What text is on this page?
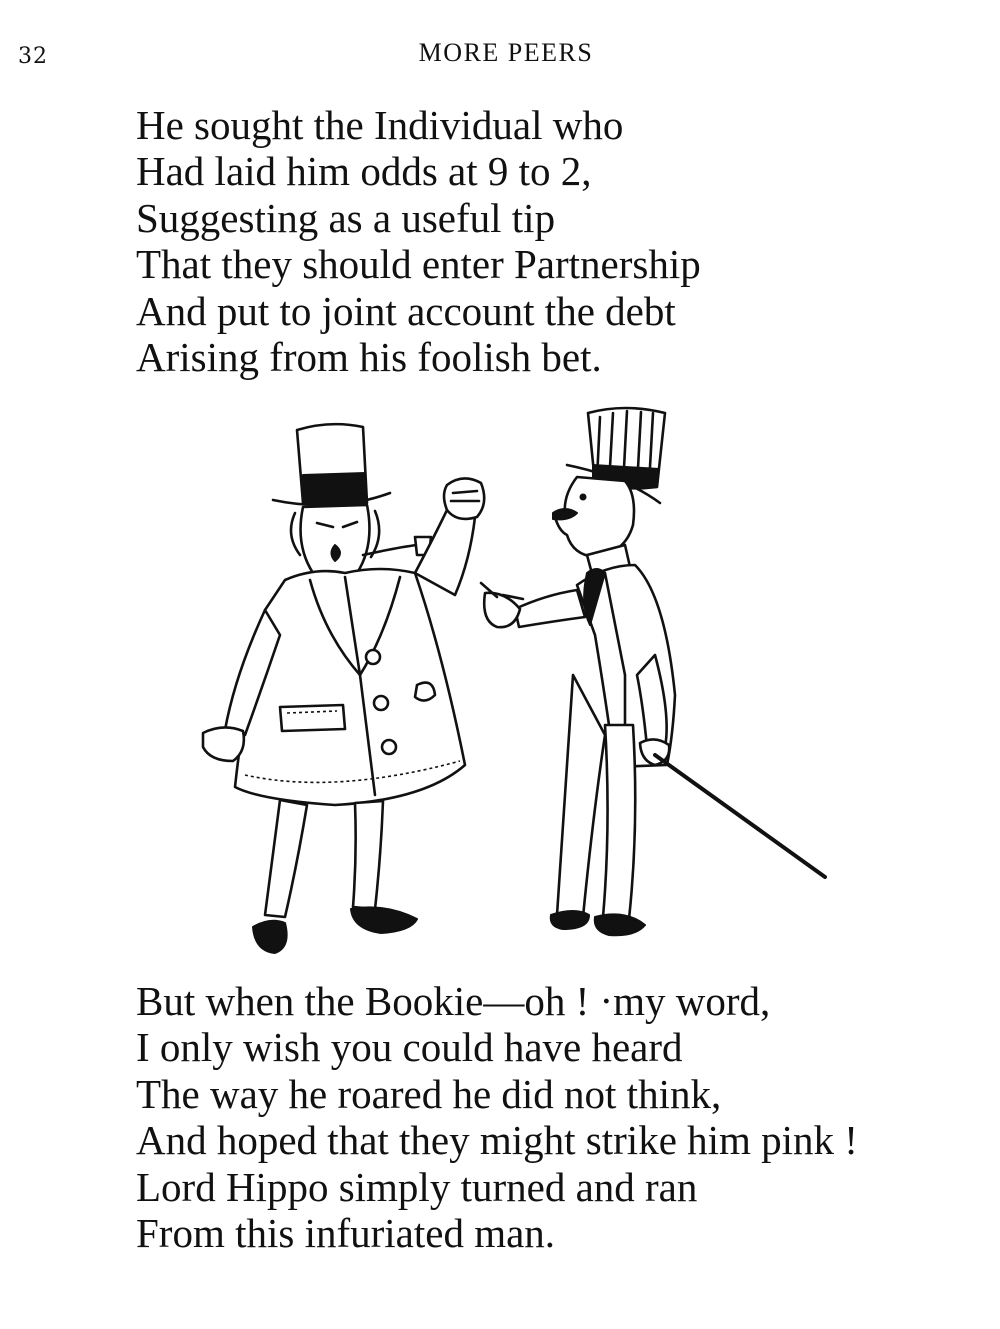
32	MORE PEERS
He sought the Individual who
Had laid him odds at 9 to 2,
Suggesting as a useful tip
That they should enter Partnership
And put to joint account the debt
Arising from his foolish bet.
But when the Bookie—oh ! ·my word,
I only wish you could have heard
The way he roared he did not think,
And hoped that they might strike him pink !
Lord Hippo simply turned and ran
From this infuriated man.
